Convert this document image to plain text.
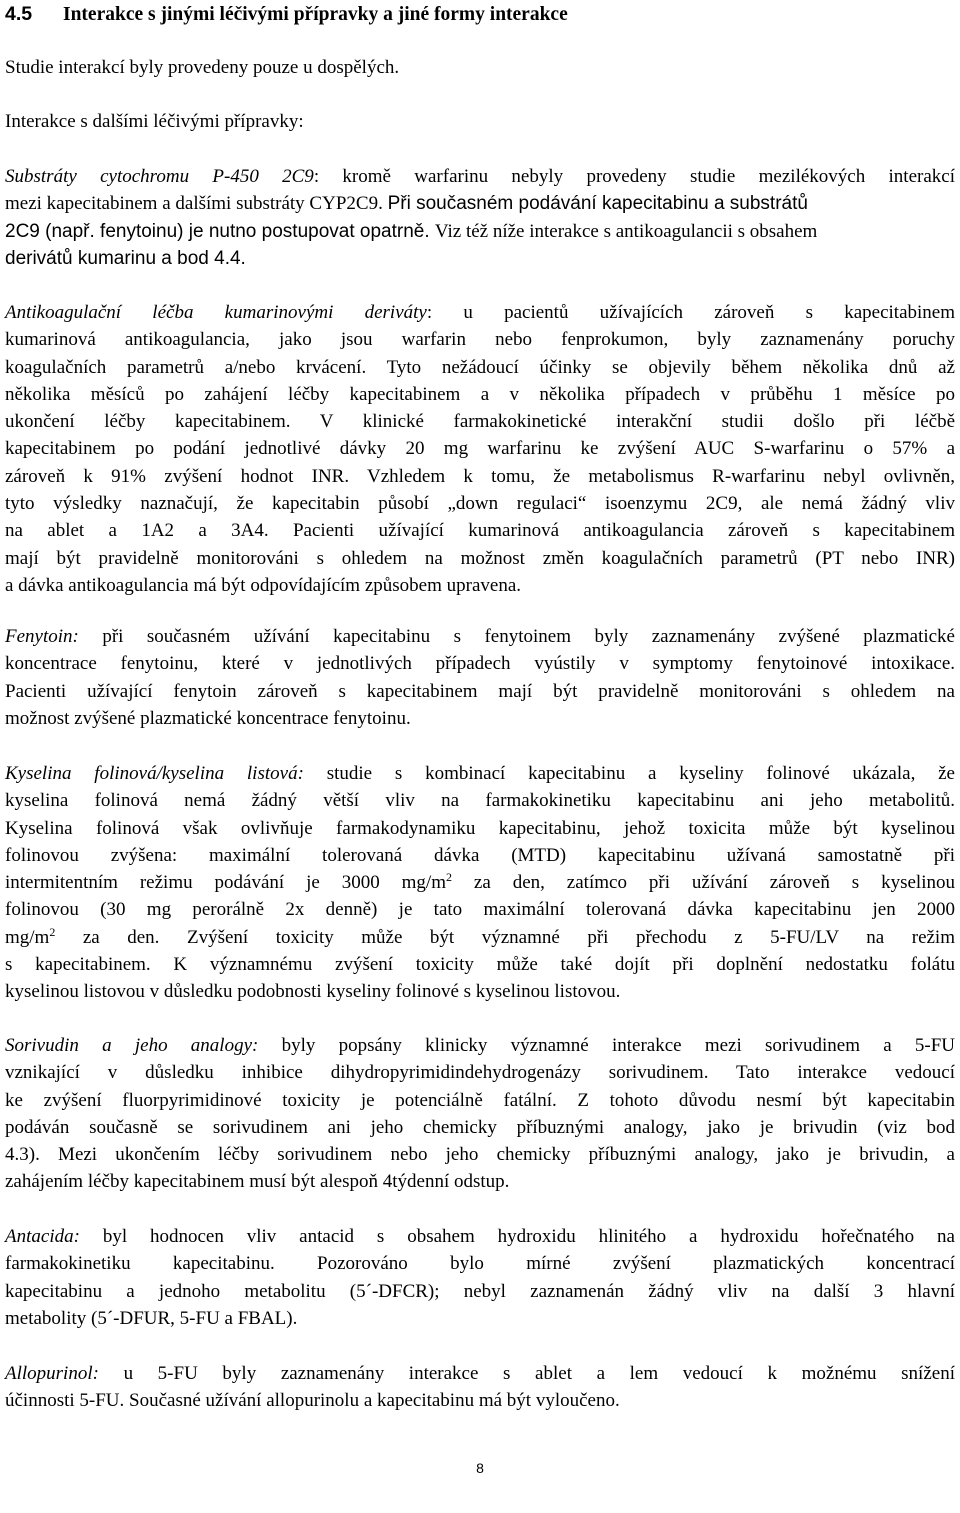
4.5 Interakce s jinými léčivými přípravky a jiné formy interakce
Studie interakcí byly provedeny pouze u dospělých.
Interakce s dalšími léčivými přípravky:
Substráty cytochromu P-450 2C9: kromě warfarinu nebyly provedeny studie mezilékových interakcí
mezi kapecitabinem a dalšími substráty CYP2C9. Při současném podávání kapecitabinu a substrátů
2C9 (např. fenytoinu) je nutno postupovat opatrně. Viz též níže interakce s antikoagulancii s obsahem
derivátů kumarinu a bod 4.4.
Antikoagulační léčba kumarinovými deriváty: u pacientů užívajících zároveň s kapecitabinem
kumarinová antikoagulancia, jako jsou warfarin nebo fenprokumon, byly zaznamenány poruchy
koagulačních parametrů a/nebo krvácení. Tyto nežádoucí účinky se objevily během několika dnů až
několika měsíců po zahájení léčby kapecitabinem a v několika případech v průběhu 1 měsíce po
ukončení léčby kapecitabinem. V klinické farmakokinetické interakční studii došlo při léčbě
kapecitabinem po podání jednotlivé dávky 20 mg warfarinu ke zvýšení AUC S-warfarinu o 57% a
zároveň k 91% zvýšení hodnot INR. Vzhledem k tomu, že metabolismus R-warfarinu nebyl ovlivněn,
tyto výsledky naznačují, že kapecitabin působí „down regulaci“ isoenzymu 2C9, ale nemá žádný vliv
na ablet a 1A2 a 3A4. Pacienti užívající kumarinová antikoagulancia zároveň s kapecitabinem
mají být pravidelně monitorováni s ohledem na možnost změn koagulačních parametrů (PT nebo INR)
a dávka antikoagulancia má být odpovídajícím způsobem upravena.
Fenytoin: při současném užívání kapecitabinu s fenytoinem byly zaznamenány zvýšené plazmatické
koncentrace fenytoinu, které v jednotlivých případech vyústily v symptomy fenytoinové intoxikace.
Pacienti užívající fenytoin zároveň s kapecitabinem mají být pravidelně monitorováni s ohledem na
možnost zvýšené plazmatické koncentrace fenytoinu.
Kyselina folinová/kyselina listová: studie s kombinací kapecitabinu a kyseliny folinové ukázala, že
kyselina folinová nemá žádný větší vliv na farmakokinetiku kapecitabinu ani jeho metabolitů.
Kyselina folinová však ovlivňuje farmakodynamiku kapecitabinu, jehož toxicita může být kyselinou
folinovou zvýšena: maximální tolerovaná dávka (MTD) kapecitabinu užívaná samostatně při
intermitentním režimu podávání je 3000 $mg/m^2$ za den, zatímco při užívání zároveň s kyselinou
folinovou (30 mg perorálně 2x denně) je tato maximální tolerovaná dávka kapecitabinu jen 2000
$mg/m^2$ za den. Zvýšení toxicity může být významné při přechodu z 5-FU/LV na režim
s kapecitabinem. K významnému zvýšení toxicity může také dojít při doplnění nedostatku folátu
kyselinou listovou v důsledku podobnosti kyseliny folinové s kyselinou listovou.
Sorivudin a jeho analogy: byly popsány klinicky významné interakce mezi sorivudinem a 5-FU
vznikající v důsledku inhibice dihydropyrimidindehydrogenázy sorivudinem. Tato interakce vedoucí
ke zvýšení fluorpyrimidinové toxicity je potenciálně fatální. Z tohoto důvodu nesmí být kapecitabin
podáván současně se sorivudinem ani jeho chemicky příbuznými analogy, jako je brivudin (viz bod
4.3). Mezi ukončením léčby sorivudinem nebo jeho chemicky příbuznými analogy, jako je brivudin, a
zahájením léčby kapecitabinem musí být alespoň 4týdenní odstup.
Antacida: byl hodnocen vliv antacid s obsahem hydroxidu hlinitého a hydroxidu hořečnatého na
farmakokinetiku kapecitabinu. Pozorováno bylo mírné zvýšení plazmatických koncentrací
kapecitabinu a jednoho metabolitu (5´-DFCR); nebyl zaznamenán žádný vliv na další 3 hlavní
metabolity (5´-DFUR, 5-FU a FBAL).
Allopurinol: u 5-FU byly zaznamenány interakce s ablet a lem vedoucí k možnému snížení
účinnosti 5-FU. Současné užívání allopurinolu a kapecitabinu má být vyloučeno.
8
